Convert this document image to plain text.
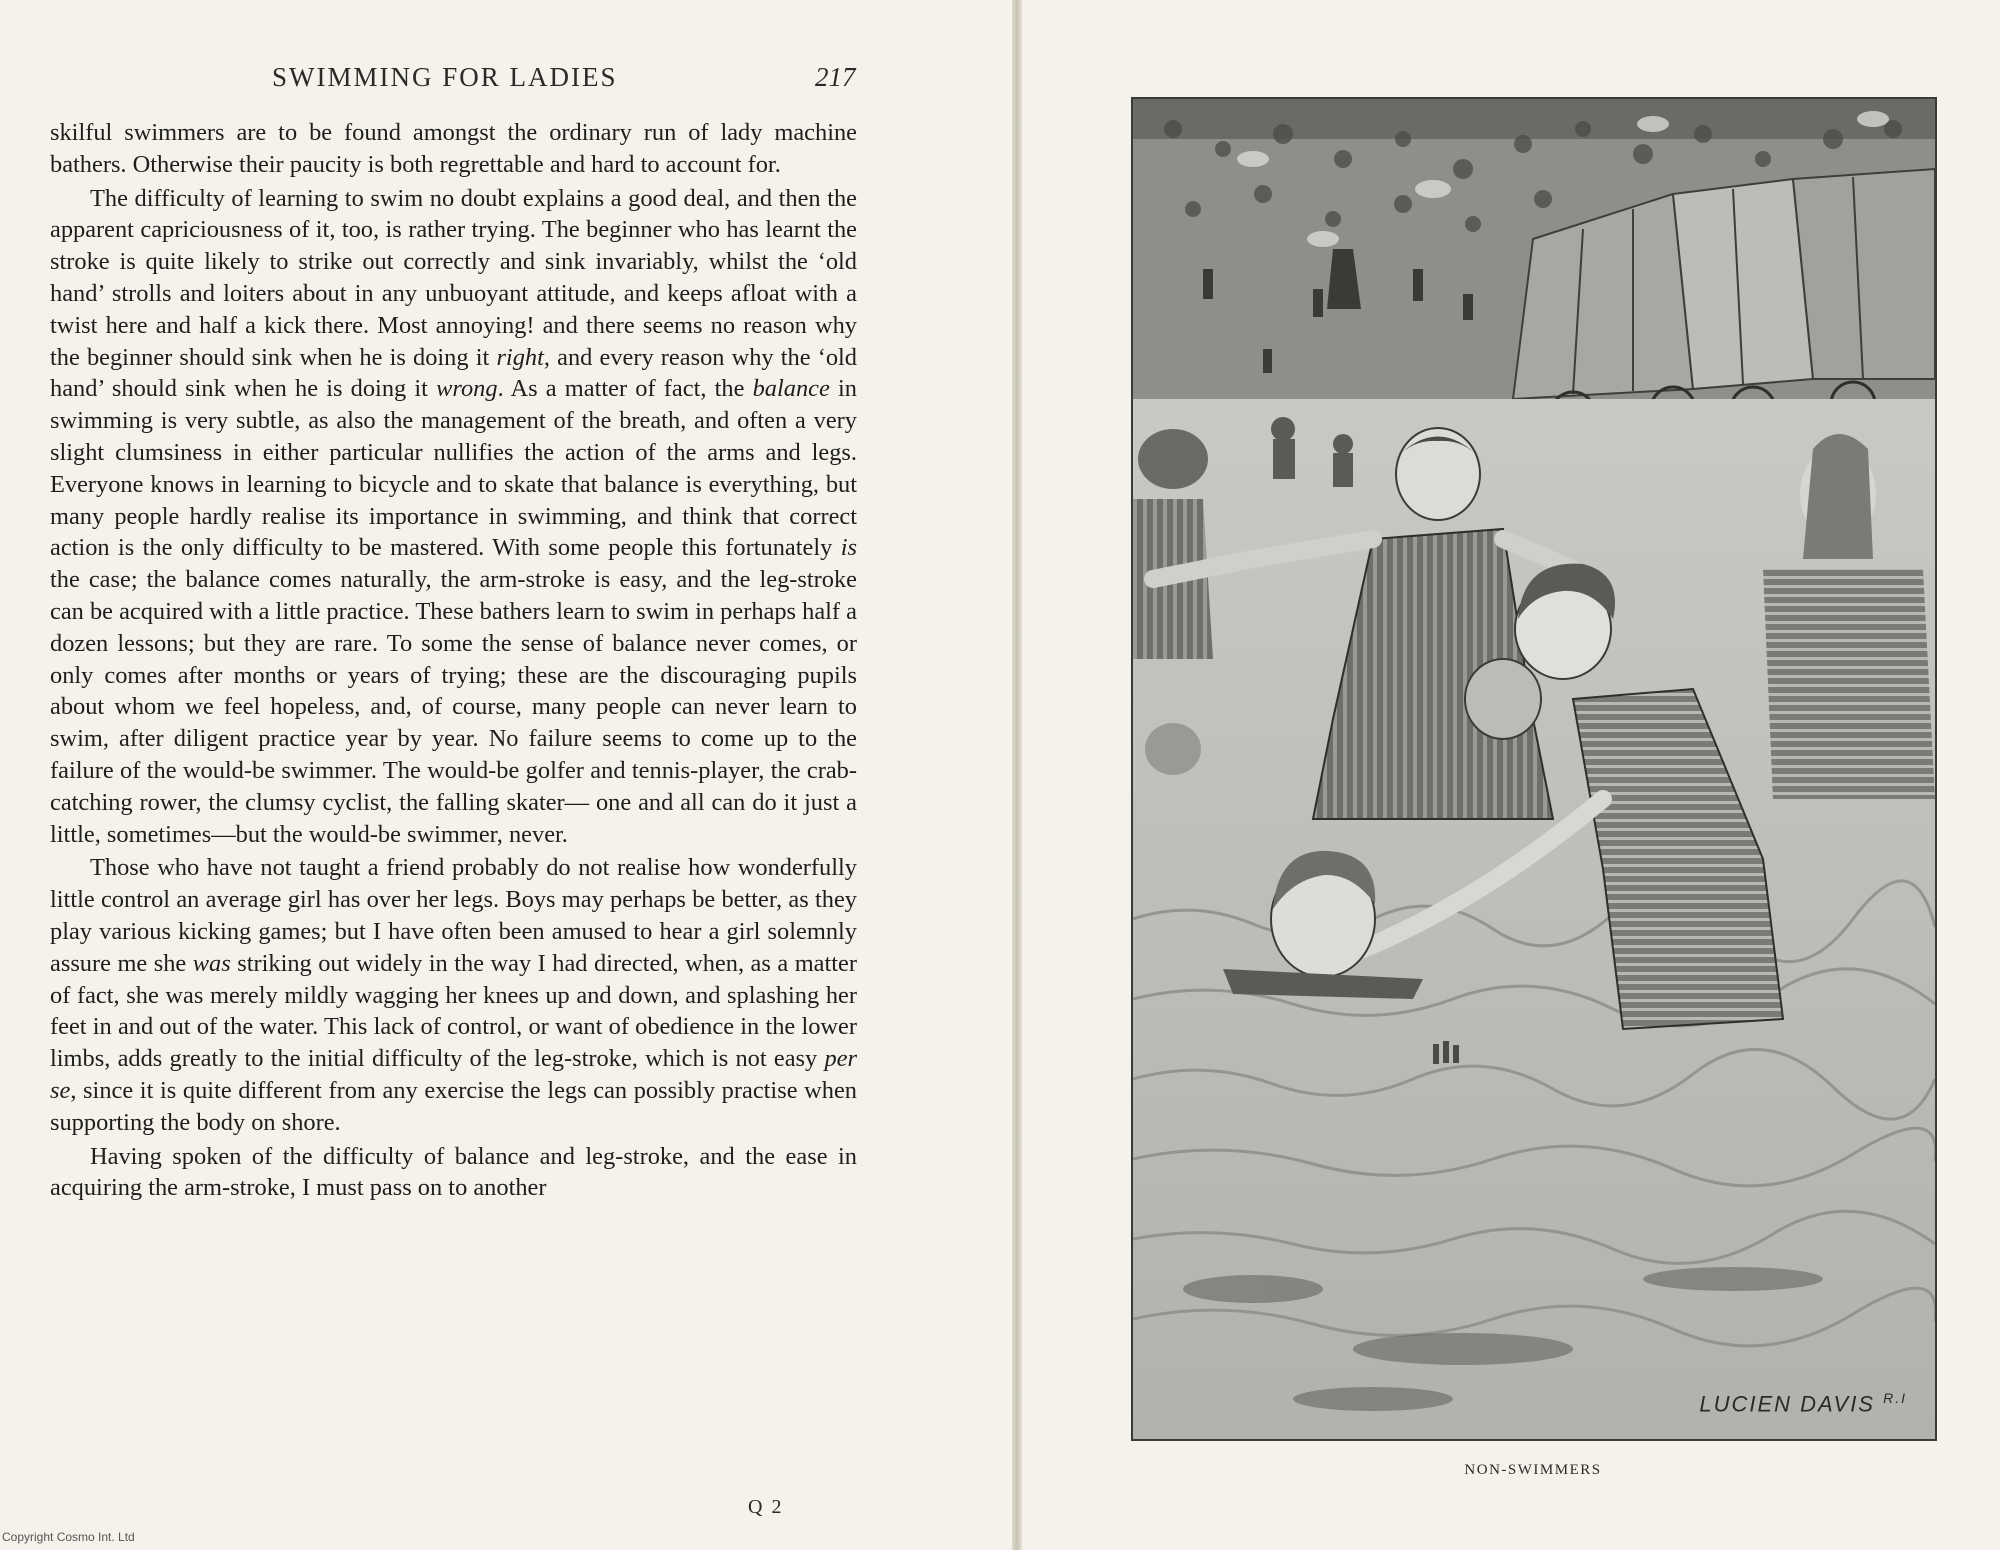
SWIMMING FOR LADIES	217

skilful swimmers are to be found amongst the ordinary run of lady machine bathers. Otherwise their paucity is both regrettable and hard to account for.

The difficulty of learning to swim no doubt explains a good deal, and then the apparent capriciousness of it, too, is rather trying. The beginner who has learnt the stroke is quite likely to strike out correctly and sink invariably, whilst the ‘old hand’ strolls and loiters about in any unbuoyant attitude, and keeps afloat with a twist here and half a kick there. Most annoying! and there seems no reason why the beginner should sink when he is doing it right, and every reason why the ‘old hand’ should sink when he is doing it wrong. As a matter of fact, the balance in swimming is very subtle, as also the management of the breath, and often a very slight clumsiness in either particular nullifies the action of the arms and legs. Everyone knows in learning to bicycle and to skate that balance is everything, but many people hardly realise its importance in swimming, and think that correct action is the only difficulty to be mastered. With some people this fortunately is the case; the balance comes naturally, the arm-stroke is easy, and the leg-stroke can be acquired with a little practice. These bathers learn to swim in perhaps half a dozen lessons; but they are rare. To some the sense of balance never comes, or only comes after months or years of trying; these are the discouraging pupils about whom we feel hopeless, and, of course, many people can never learn to swim, after diligent practice year by year. No failure seems to come up to the failure of the would-be swimmer. The would-be golfer and tennis-player, the crab-catching rower, the clumsy cyclist, the falling skater— one and all can do it just a little, sometimes—but the would-be swimmer, never.

Those who have not taught a friend probably do not realise how wonderfully little control an average girl has over her legs. Boys may perhaps be better, as they play various kicking games; but I have often been amused to hear a girl solemnly assure me she was striking out widely in the way I had directed, when, as a matter of fact, she was merely mildly wagging her knees up and down, and splashing her feet in and out of the water. This lack of control, or want of obedience in the lower limbs, adds greatly to the initial difficulty of the leg-stroke, which is not easy per se, since it is quite different from any exercise the legs can possibly practise when supporting the body on shore.

Having spoken of the difficulty of balance and leg-stroke, and the ease in acquiring the arm-stroke, I must pass on to another

Q 2
Copyright Cosmo Int. Ltd
LUCIEN DAVIS $^{R.I}$
NON-SWIMMERS
